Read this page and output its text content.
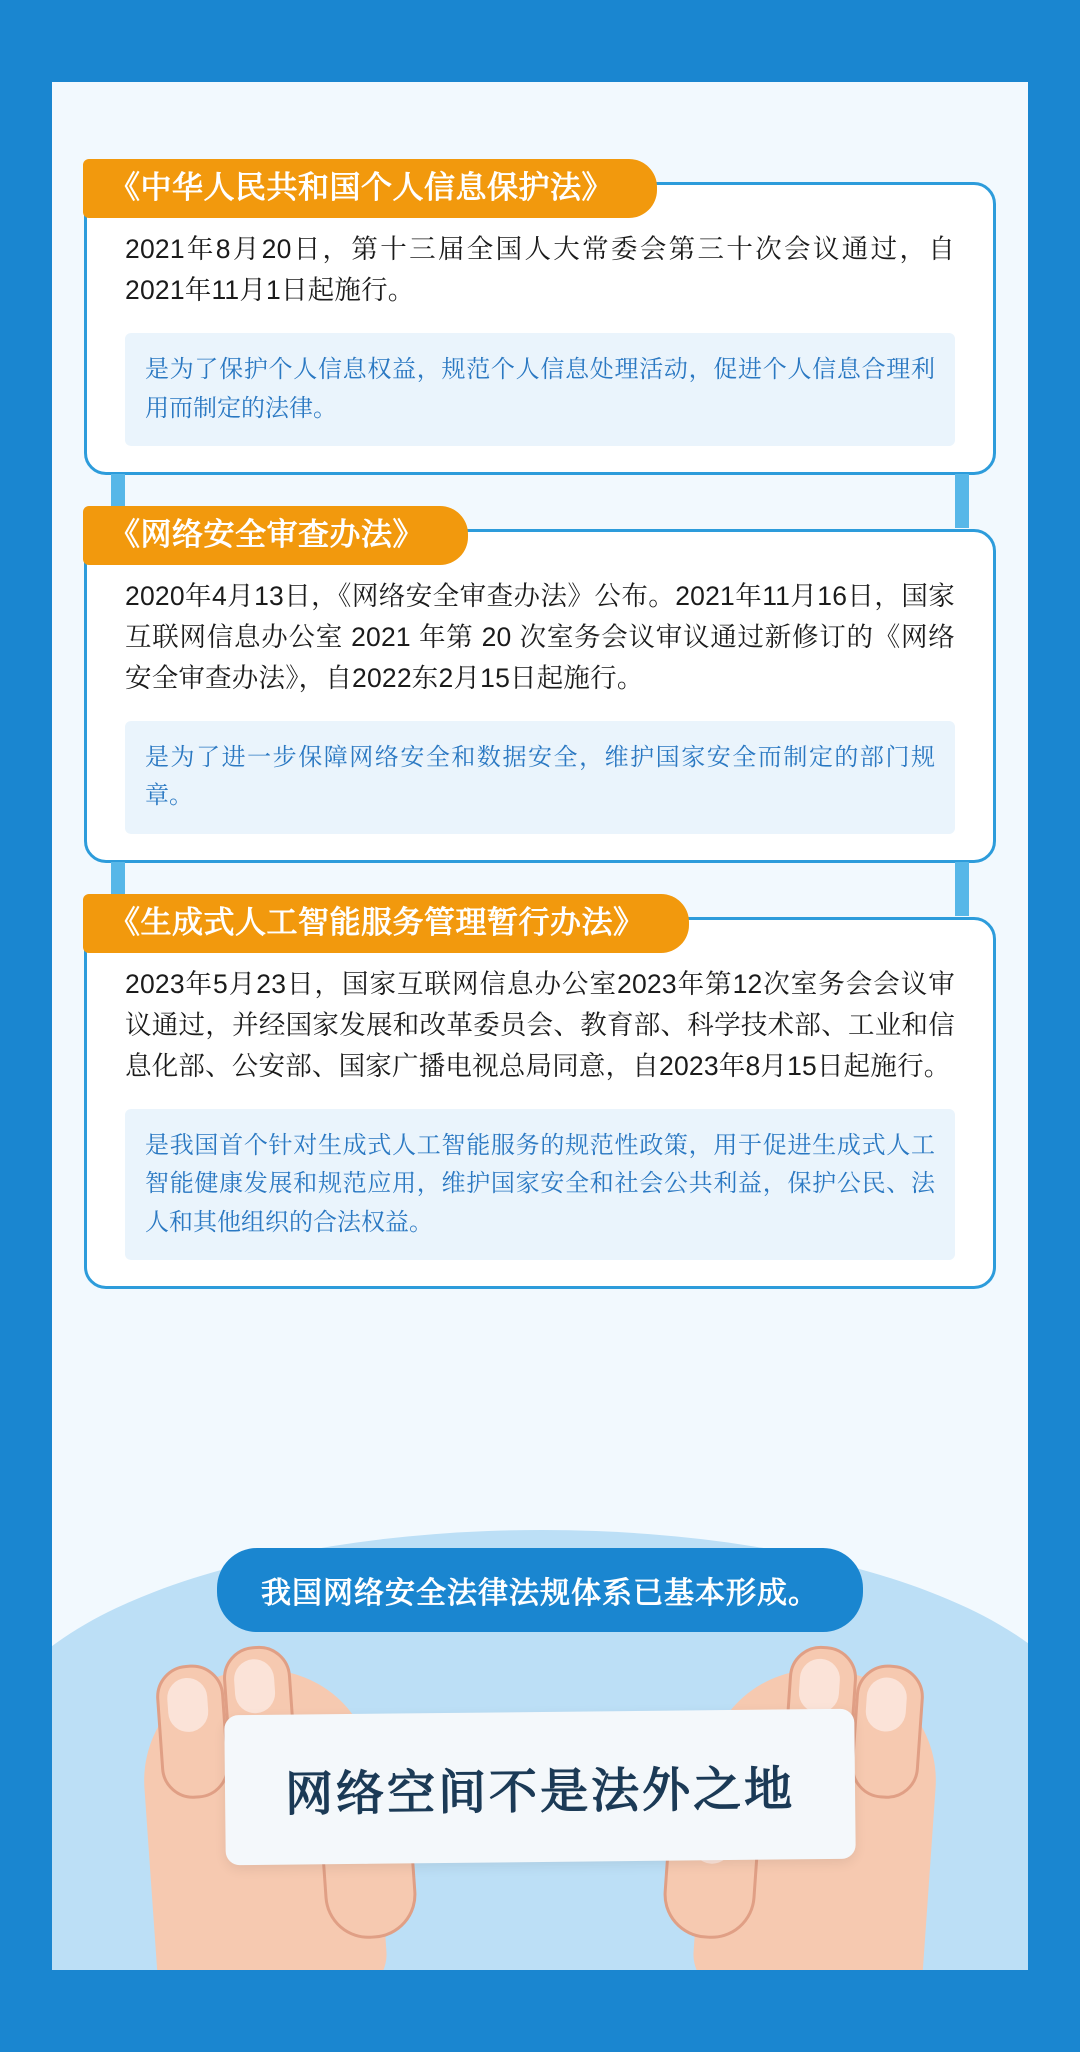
《中华人民共和国个人信息保护法》

2021年8月20日，第十三届全国人大常委会第三十次会议通过，自2021年11月1日起施行。

是为了保护个人信息权益，规范个人信息处理活动，促进个人信息合理利用而制定的法律。

《网络安全审查办法》

2020年4月13日，《网络安全审查办法》公布。2021年11月16日，国家互联网信息办公室 2021 年第 20 次室务会议审议通过新修订的《网络安全审查办法》，自2022东2月15日起施行。

是为了进一步保障网络安全和数据安全，维护国家安全而制定的部门规章。

《生成式人工智能服务管理暂行办法》

2023年5月23日，国家互联网信息办公室2023年第12次室务会会议审议通过，并经国家发展和改革委员会、教育部、科学技术部、工业和信息化部、公安部、国家广播电视总局同意，自2023年8月15日起施行。

是我国首个针对生成式人工智能服务的规范性政策，用于促进生成式人工智能健康发展和规范应用，维护国家安全和社会公共利益，保护公民、法人和其他组织的合法权益。

我国网络安全法律法规体系已基本形成。
网络空间不是法外之地
